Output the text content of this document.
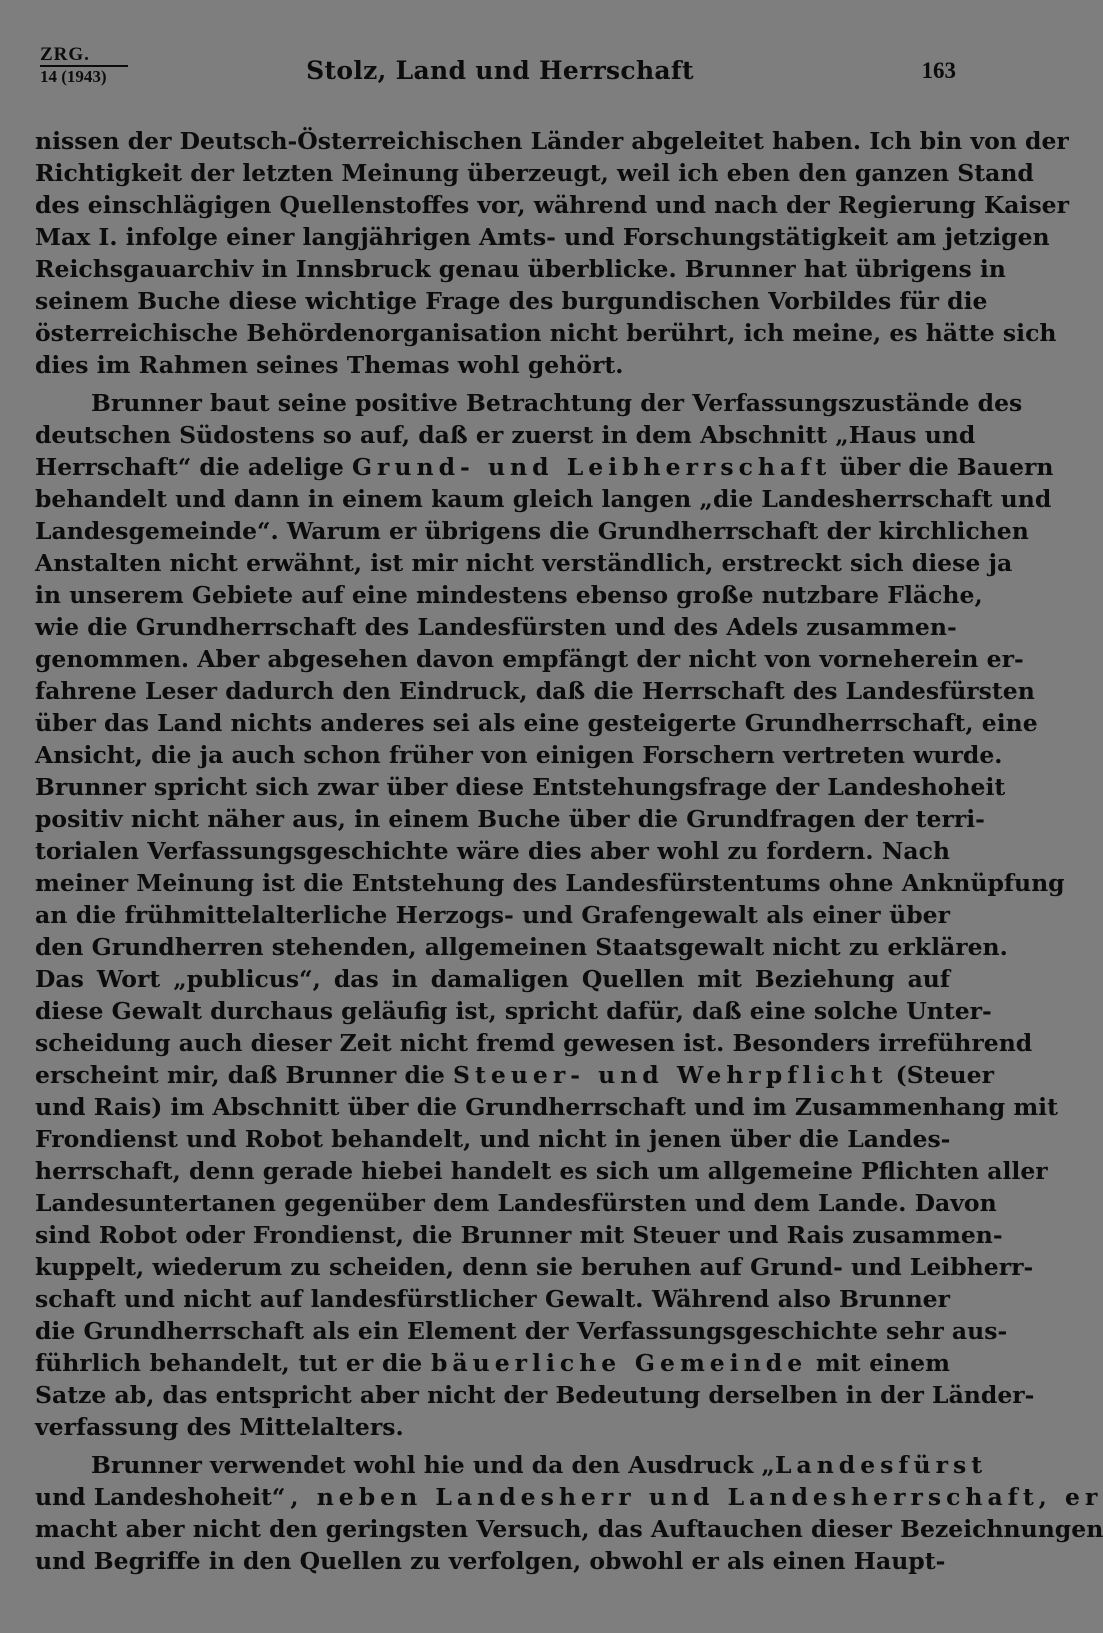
ZRG.
14 (1943)	Stolz, Land und Herrschaft	163
nissen der Deutsch-Österreichischen Länder abgeleitet haben. Ich bin von der
Richtigkeit der letzten Meinung überzeugt, weil ich eben den ganzen Stand
des einschlägigen Quellenstoffes vor, während und nach der Regierung Kaiser
Max I. infolge einer langjährigen Amts- und Forschungstätigkeit am jetzigen
Reichsgauarchiv in Innsbruck genau überblicke. Brunner hat übrigens in
seinem Buche diese wichtige Frage des burgundischen Vorbildes für die
österreichische Behördenorganisation nicht berührt, ich meine, es hätte sich
dies im Rahmen seines Themas wohl gehört.
Brunner baut seine positive Betrachtung der Verfassungszustände des
deutschen Südostens so auf, daß er zuerst in dem Abschnitt „Haus und
Herrschaft“ die adelige Grund- und Leibherrschaft über die Bauern
behandelt und dann in einem kaum gleich langen „die Landesherrschaft und
Landesgemeinde“. Warum er übrigens die Grundherrschaft der kirchlichen
Anstalten nicht erwähnt, ist mir nicht verständlich, erstreckt sich diese ja
in unserem Gebiete auf eine mindestens ebenso große nutzbare Fläche,
wie die Grundherrschaft des Landesfürsten und des Adels zusammen-
genommen. Aber abgesehen davon empfängt der nicht von vorneherein er-
fahrene Leser dadurch den Eindruck, daß die Herrschaft des Landesfürsten
über das Land nichts anderes sei als eine gesteigerte Grundherrschaft, eine
Ansicht, die ja auch schon früher von einigen Forschern vertreten wurde.
Brunner spricht sich zwar über diese Entstehungsfrage der Landeshoheit
positiv nicht näher aus, in einem Buche über die Grundfragen der terri-
torialen Verfassungsgeschichte wäre dies aber wohl zu fordern. Nach
meiner Meinung ist die Entstehung des Landesfürstentums ohne Anknüpfung
an die frühmittelalterliche Herzogs- und Grafengewalt als einer über
den Grundherren stehenden, allgemeinen Staatsgewalt nicht zu erklären.
Das Wort „publicus“, das in damaligen Quellen mit Beziehung auf
diese Gewalt durchaus geläufig ist, spricht dafür, daß eine solche Unter-
scheidung auch dieser Zeit nicht fremd gewesen ist. Besonders irreführend
erscheint mir, daß Brunner die Steuer- und Wehrpflicht (Steuer
und Rais) im Abschnitt über die Grundherrschaft und im Zusammenhang mit
Frondienst und Robot behandelt, und nicht in jenen über die Landes-
herrschaft, denn gerade hiebei handelt es sich um allgemeine Pflichten aller
Landesuntertanen gegenüber dem Landesfürsten und dem Lande. Davon
sind Robot oder Frondienst, die Brunner mit Steuer und Rais zusammen-
kuppelt, wiederum zu scheiden, denn sie beruhen auf Grund- und Leibherr-
schaft und nicht auf landesfürstlicher Gewalt. Während also Brunner
die Grundherrschaft als ein Element der Verfassungsgeschichte sehr aus-
führlich behandelt, tut er die bäuerliche Gemeinde mit einem
Satze ab, das entspricht aber nicht der Bedeutung derselben in der Länder-
verfassung des Mittelalters.
Brunner verwendet wohl hie und da den Ausdruck „Landesfürst
und Landeshoheit“, neben Landesherr und Landesherrschaft, er
macht aber nicht den geringsten Versuch, das Auftauchen dieser Bezeichnungen
und Begriffe in den Quellen zu verfolgen, obwohl er als einen Haupt-
